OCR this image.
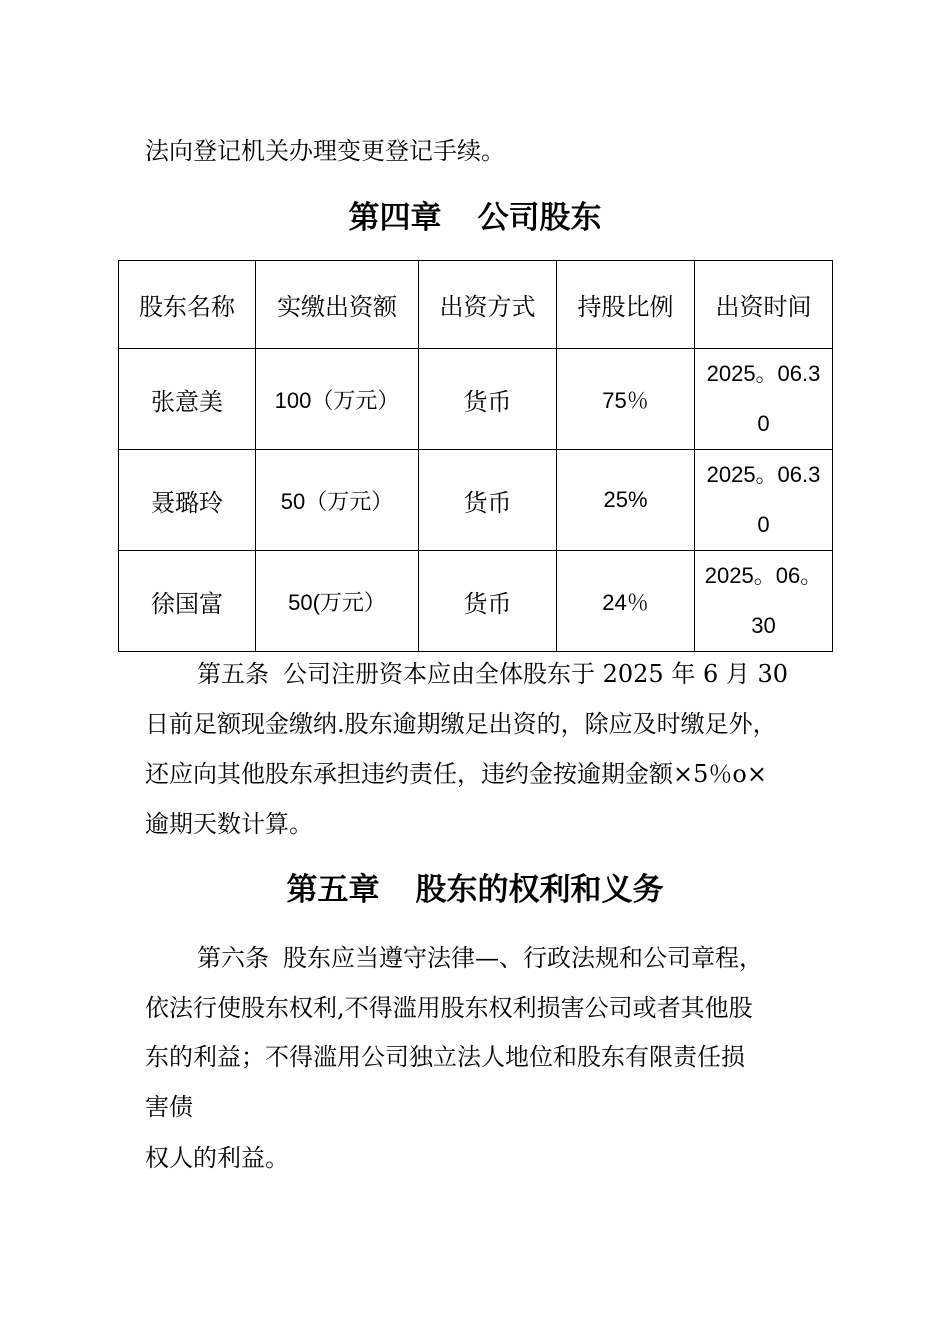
法向登记机关办理变更登记手续。
第四章 公司股东
股东名称	实缴出资额	出资方式	持股比例	出资时间
张意美	100（万元）	货币	75％	2025。06.30
聂璐玲	50（万元）	货币	25%	2025。06.30
徐国富	50(万元）	货币	24％	2025。06。30
第五条 公司注册资本应由全体股东于 2025 年 6 月 30
日前足额现金缴纳.股东逾期缴足出资的，除应及时缴足外，
还应向其他股东承担违约责任，违约金按逾期金额×5％o×
逾期天数计算。
第五章 股东的权利和义务
第六条 股东应当遵守法律—、行政法规和公司章程，
依法行使股东权利,不得滥用股东权利损害公司或者其他股
东的利益；不得滥用公司独立法人地位和股东有限责任损
害债
权人的利益。
